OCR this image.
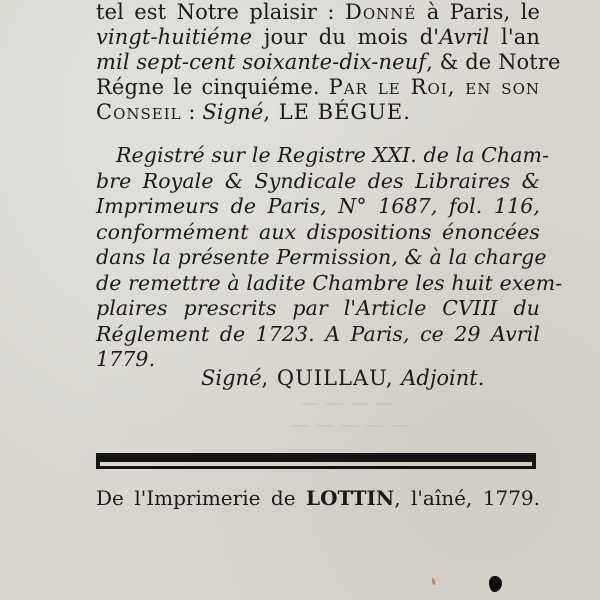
— — — —
— — — — —
tel est Notre plaisir : Donné à Paris, le
vingt-huitiéme jour du mois d'Avril l'an
mil sept-cent soixante-dix-neuf, & de Notre
Régne le cinquiéme. Par le Roi, en son
Conseil : Signé, LE BÉGUE.
Registré sur le Registre XXI. de la Cham-
bre Royale & Syndicale des Libraires &
Imprimeurs de Paris, N° 1687, fol. 116,
conformément aux dispositions énoncées
dans la présente Permission, & à la charge
de remettre à ladite Chambre les huit exem-
plaires prescrits par l'Article CVIII du
Réglement de 1723. A Paris, ce 29 Avril
1779.
Signé, QUILLAU, Adjoint.
De l'Imprimerie de LOTTIN, l'aîné, 1779.
